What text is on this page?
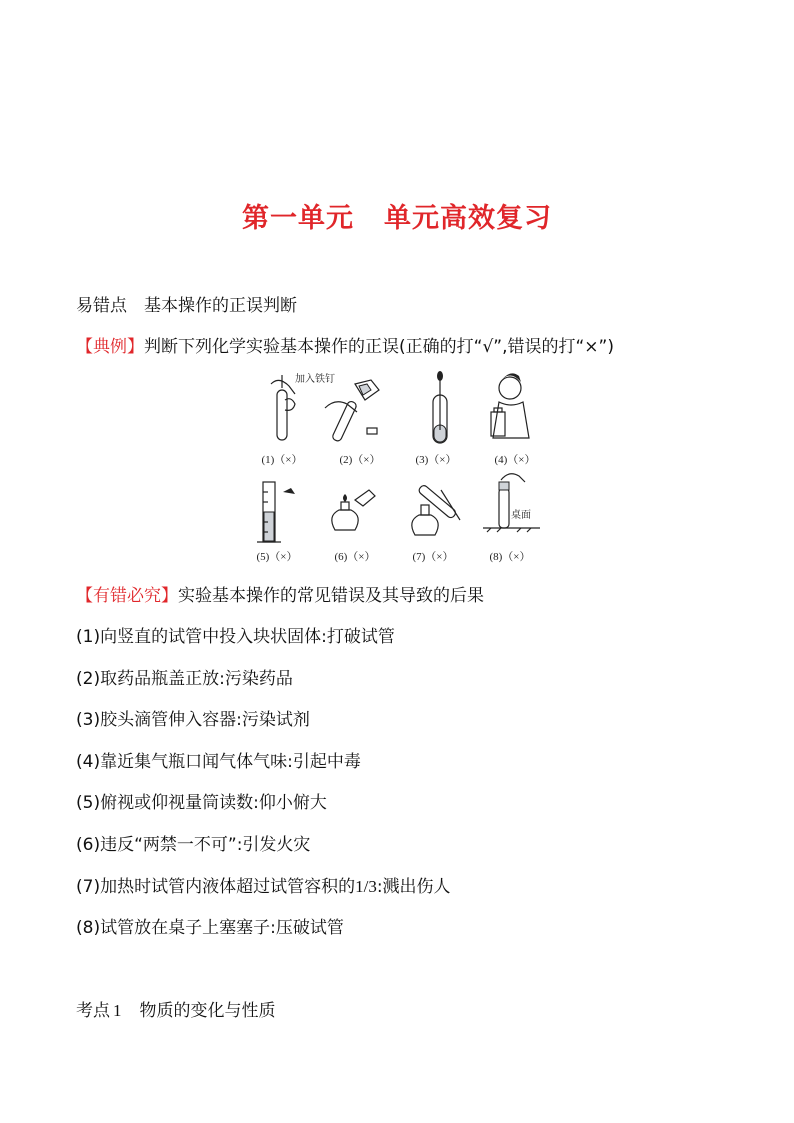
第一单元 单元高效复习
易错点　基本操作的正误判断
【典例】判断下列化学实验基本操作的正误(正确的打“√”,错误的打“×”)
加入铁钉
桌面
(1)（×）	(2)（×）	(3)（×）	(4)（×）
(5)（×）	(6)（×）	(7)（×）	(8)（×）
【有错必究】实验基本操作的常见错误及其导致的后果
(1)向竖直的试管中投入块状固体:打破试管
(2)取药品瓶盖正放:污染药品
(3)胶头滴管伸入容器:污染试剂
(4)靠近集气瓶口闻气体气味:引起中毒
(5)俯视或仰视量筒读数:仰小俯大
(6)违反“两禁一不可”:引发火灾
(7)加热时试管内液体超过试管容积的1/3:溅出伤人
(8)试管放在桌子上塞塞子:压破试管
考点 1 物质的变化与性质
